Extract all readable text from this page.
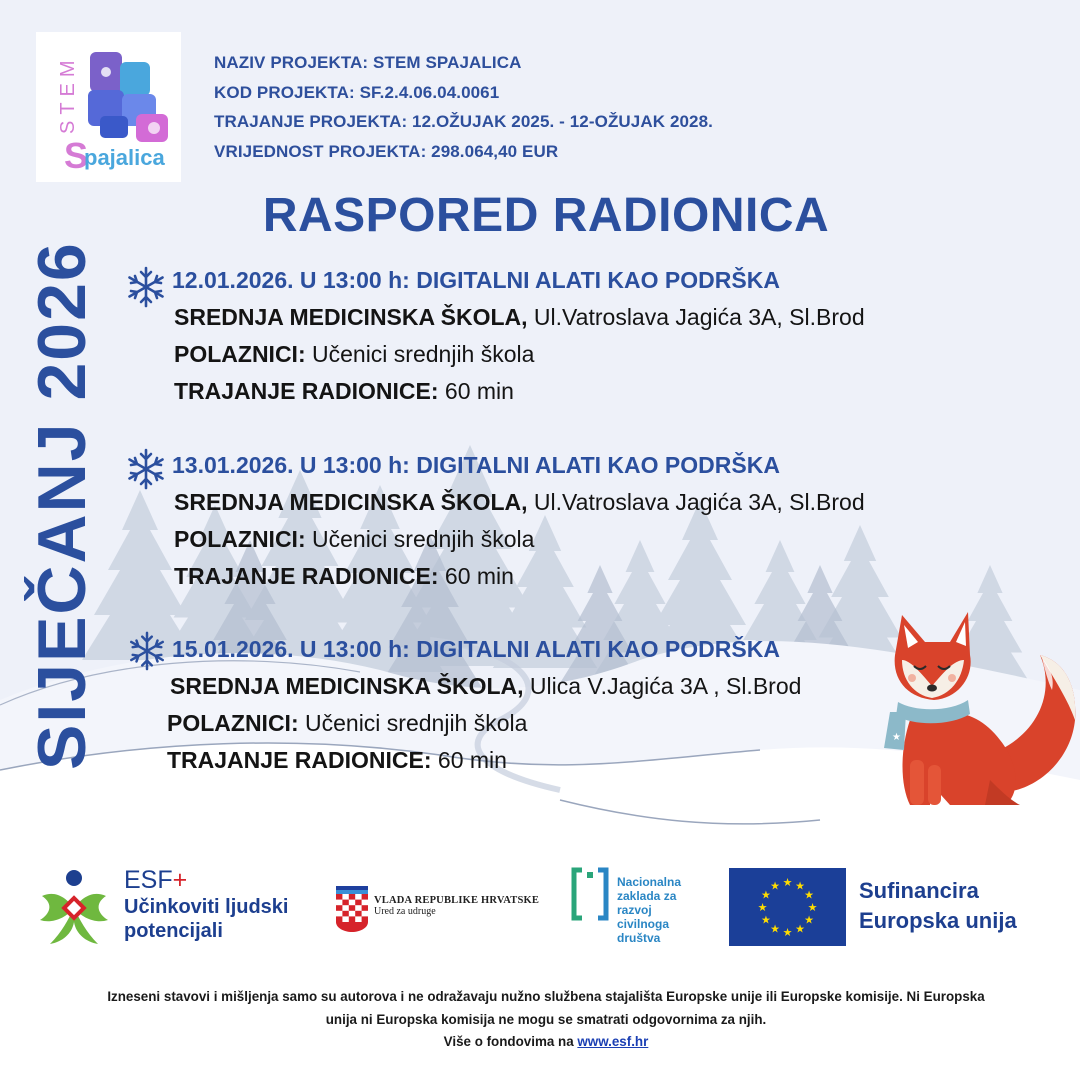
★
S
pajalica
STEM	NAZIV PROJEKTA: STEM SPAJALICA
KOD PROJEKTA: SF.2.4.06.04.0061
TRAJANJE PROJEKTA: 12.OŽUJAK 2025. - 12-OŽUJAK 2028.
VRIJEDNOST PROJEKTA: 298.064,40 EUR
RASPORED RADIONICA
SIJEČANJ 2026	12.01.2026. U 13:00 h: DIGITALNI ALATI KAO PODRŠKA
SREDNJA MEDICINSKA ŠKOLA, Ul.Vatroslava Jagića 3A, Sl.Brod
POLAZNICI: Učenici srednjih škola
TRAJANJE RADIONICE: 60 min
13.01.2026. U 13:00 h: DIGITALNI ALATI KAO PODRŠKA
SREDNJA MEDICINSKA ŠKOLA, Ul.Vatroslava Jagića 3A, Sl.Brod
POLAZNICI: Učenici srednjih škola
TRAJANJE RADIONICE: 60 min
15.01.2026. U 13:00 h: DIGITALNI ALATI KAO PODRŠKA
SREDNJA MEDICINSKA ŠKOLA, Ulica V.Jagića 3A , Sl.Brod
POLAZNICI: Učenici srednjih škola
TRAJANJE RADIONICE: 60 min
ESF+
Učinkoviti ljudski
potencijali
VLADA REPUBLIKE HRVATSKE
Ured za udruge
Nacionalna
zaklada za
razvoj
civilnoga
društva
★ ★
★
★
★
★
★
★
★
★
★
★	Sufinancira
Europska unija
Izneseni stavovi i mišljenja samo su autorova i ne odražavaju nužno službena stajališta Europske unije ili Europske komisije. Ni Europska
unija ni Europska komisija ne mogu se smatrati odgovornima za njih.
Više o fondovima na www.esf.hr
